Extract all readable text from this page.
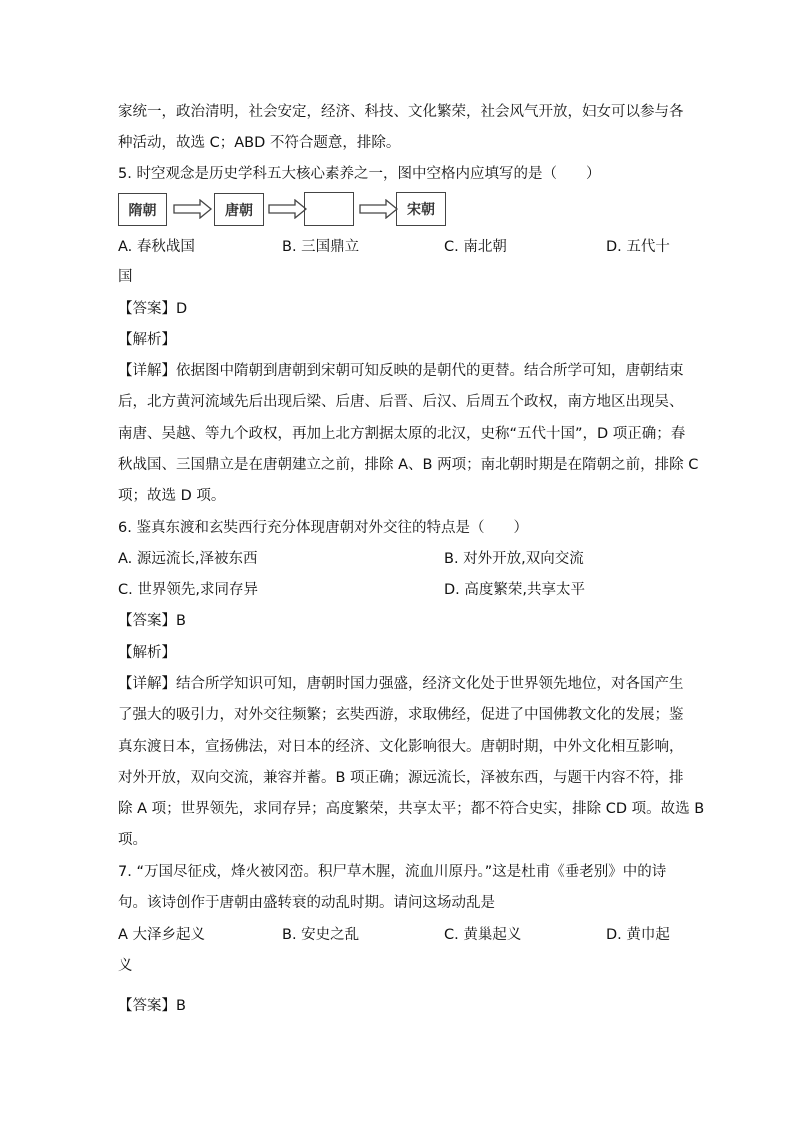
家统一，政治清明，社会安定，经济、科技、文化繁荣，社会风气开放，妇女可以参与各
种活动，故选 C；ABD 不符合题意，排除。
5. 时空观念是历史学科五大核心素养之一，图中空格内应填写的是（　　）
隋朝	唐朝	宋朝
A. 春秋战国	B. 三国鼎立	C. 南北朝	D. 五代十
国
【答案】D
【解析】
【详解】依据图中隋朝到唐朝到宋朝可知反映的是朝代的更替。结合所学可知，唐朝结束
后，北方黄河流域先后出现后梁、后唐、后晋、后汉、后周五个政权，南方地区出现吴、
南唐、吴越、等九个政权，再加上北方割据太原的北汉，史称“五代十国”，D 项正确；春
秋战国、三国鼎立是在唐朝建立之前，排除 A、B 两项；南北朝时期是在隋朝之前，排除 C
项；故选 D 项。
6. 鉴真东渡和玄奘西行充分体现唐朝对外交往的特点是（　　）
A. 源远流长,泽被东西	B. 对外开放,双向交流
C. 世界领先,求同存异	D. 高度繁荣,共享太平
【答案】B
【解析】
【详解】结合所学知识可知，唐朝时国力强盛，经济文化处于世界领先地位，对各国产生
了强大的吸引力，对外交往频繁；玄奘西游，求取佛经，促进了中国佛教文化的发展；鉴
真东渡日本，宣扬佛法，对日本的经济、文化影响很大。唐朝时期，中外文化相互影响，
对外开放，双向交流，兼容并蓄。B 项正确；源远流长，泽被东西，与题干内容不符，排
除 A 项；世界领先，求同存异；高度繁荣，共享太平；都不符合史实，排除 CD 项。故选 B
项。
7. “万国尽征戍，烽火被冈峦。积尸草木腥，流血川原丹。”这是杜甫《垂老别》中的诗
句。该诗创作于唐朝由盛转衰的动乱时期。请问这场动乱是
A 大泽乡起义	B. 安史之乱	C. 黄巢起义	D. 黄巾起
义
【答案】B
